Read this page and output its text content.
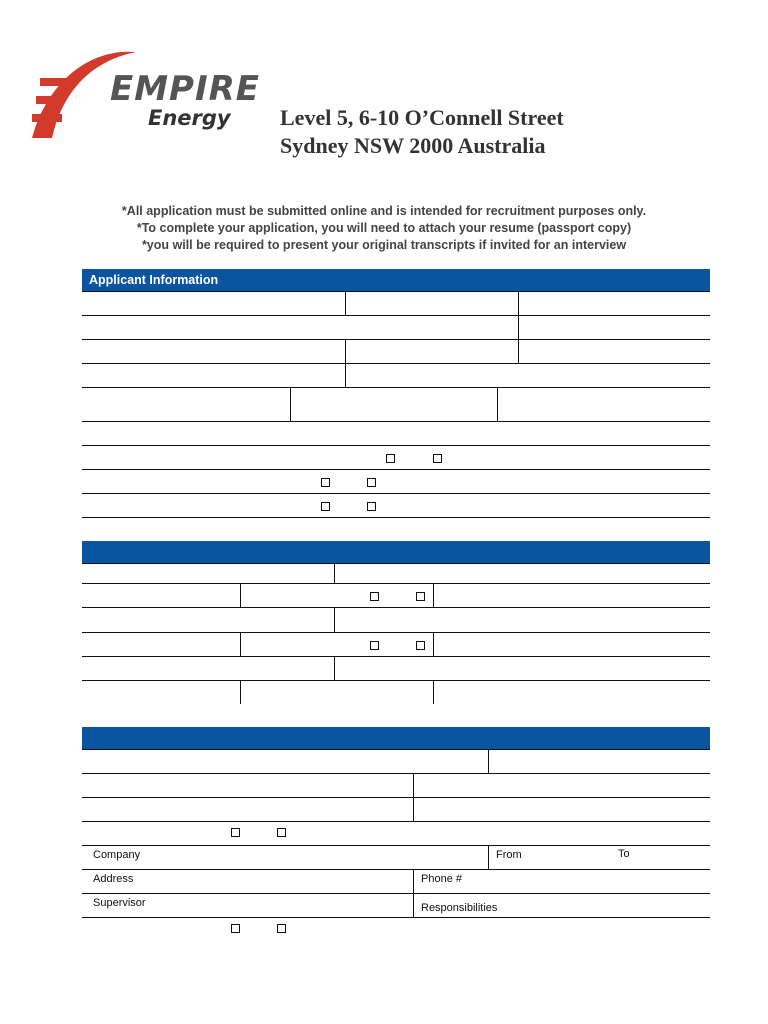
EMPIRE
Energy Level 5, 6-10 O’Connell Street
Sydney NSW 2000 Australia
*All application must be submitted online and is intended for recruitment purposes only.
*To complete your application, you will need to attach your resume (passport copy)
*you will be required to present your original transcripts if invited for an interview
Applicant Information
Company	From	To
Address	Phone #
Supervisor	Responsibilities
